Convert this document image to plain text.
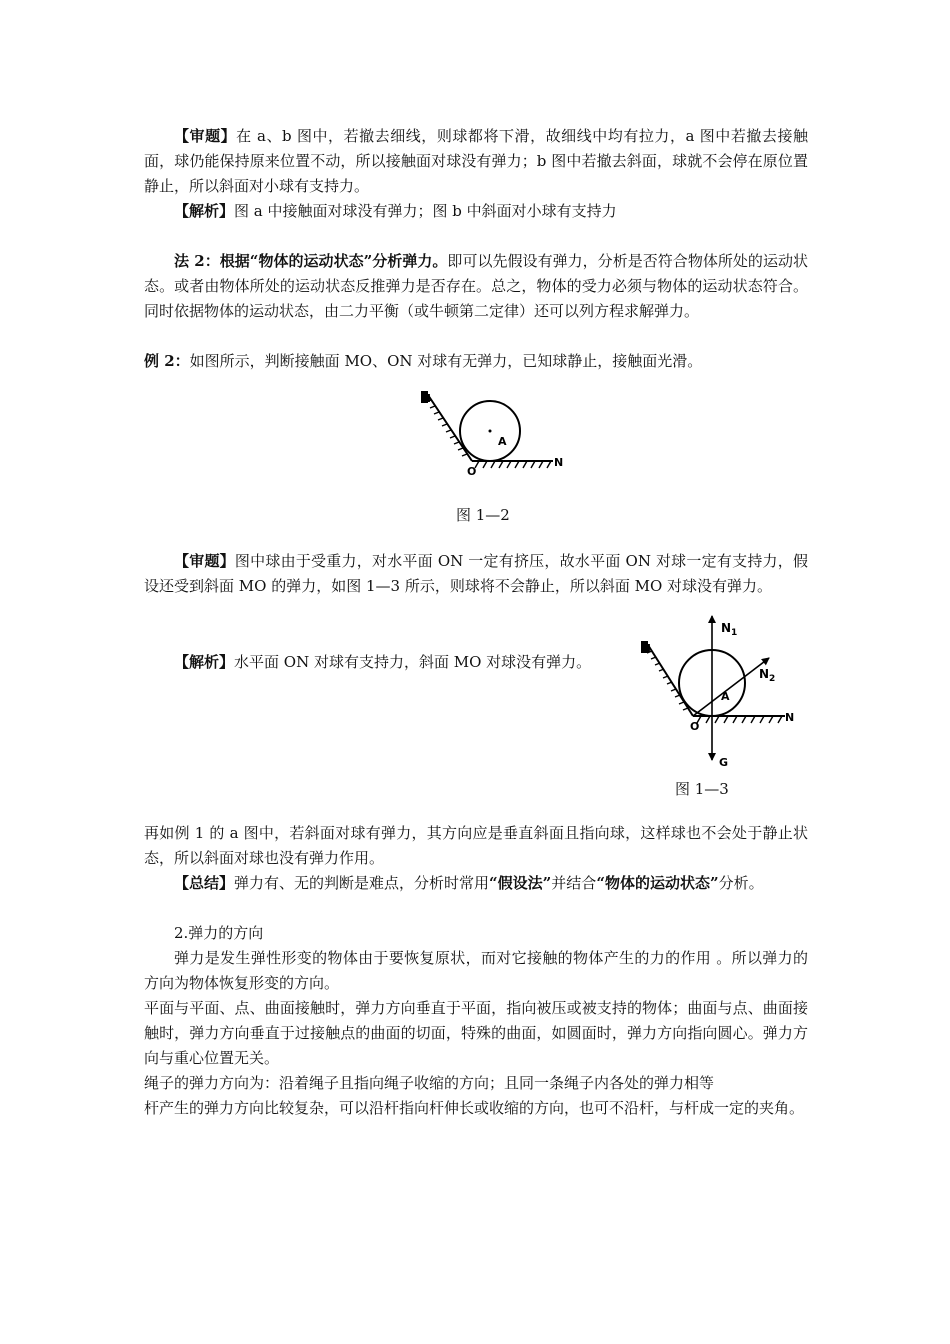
【审题】在 a、b 图中，若撤去细线，则球都将下滑，故细线中均有拉力，a 图中若撤去接触面，球仍能保持原来位置不动，所以接触面对球没有弹力；b 图中若撤去斜面，球就不会停在原位置静止，所以斜面对小球有支持力。
【解析】图 a 中接触面对球没有弹力；图 b 中斜面对小球有支持力
法 2：根据“物体的运动状态”分析弹力。即可以先假设有弹力，分析是否符合物体所处的运动状态。或者由物体所处的运动状态反推弹力是否存在。总之，物体的受力必须与物体的运动状态符合。同时依据物体的运动状态，由二力平衡（或牛顿第二定律）还可以列方程求解弹力。
例 2：如图所示，判断接触面 MO、ON 对球有无弹力，已知球静止，接触面光滑。
A
O
N
M
图 1—2
【审题】图中球由于受重力，对水平面 ON 一定有挤压，故水平面 ON 对球一定有支持力，假设还受到斜面 MO 的弹力，如图 1—3 所示，则球将不会静止，所以斜面 MO 对球没有弹力。
【解析】水平面 ON 对球有支持力，斜面 MO 对球没有弹力。
M
$N_1$
$N_2$
A
O
N
G
图 1—3
再如例 1 的 a 图中，若斜面对球有弹力，其方向应是垂直斜面且指向球，这样球也不会处于静止状态，所以斜面对球也没有弹力作用。
【总结】弹力有、无的判断是难点，分析时常用“假设法”并结合“物体的运动状态”分析。
2.弹力的方向
弹力是发生弹性形变的物体由于要恢复原状，而对它接触的物体产生的力的作用 。所以弹力的方向为物体恢复形变的方向。
平面与平面、点、曲面接触时，弹力方向垂直于平面，指向被压或被支持的物体；曲面与点、曲面接触时，弹力方向垂直于过接触点的曲面的切面，特殊的曲面，如圆面时，弹力方向指向圆心。弹力方向与重心位置无关。
绳子的弹力方向为：沿着绳子且指向绳子收缩的方向；且同一条绳子内各处的弹力相等
杆产生的弹力方向比较复杂，可以沿杆指向杆伸长或收缩的方向，也可不沿杆，与杆成一定的夹角。
